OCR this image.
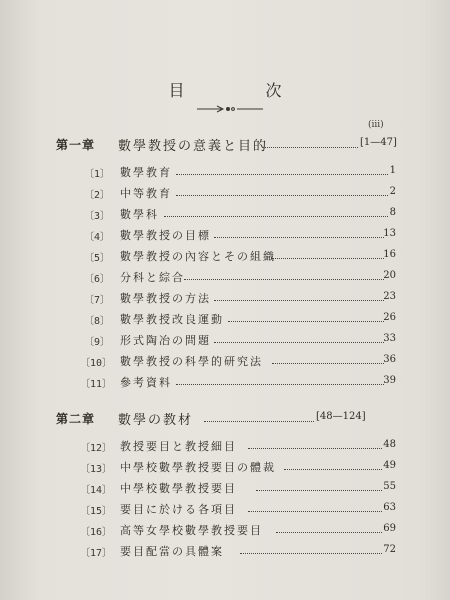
目 次
(iii)
第一章 數學教授の意義と目的	[1—47]
〔1〕 數學教育	1
〔2〕 中等教育	2
〔3〕 數學科	8
〔4〕 數學教授の目標	13
〔5〕 數學教授の內容とその組織	16
〔6〕 分科と綜合	20
〔7〕 數學教授の方法	23
〔8〕 數學教授改良運動	26
〔9〕 形式陶冶の問題	33
〔10〕 數學教授の科學的研究法	36
〔11〕 參考資料	39
第二章 數學の教材	[48—124]
〔12〕 教授要目と教授細目	48
〔13〕 中學校數學教授要目の體裁	49
〔14〕 中學校數學教授要目	55
〔15〕 要目に於ける各項目	63
〔16〕 高等女學校數學教授要目	69
〔17〕 要目配當の具體案	72
